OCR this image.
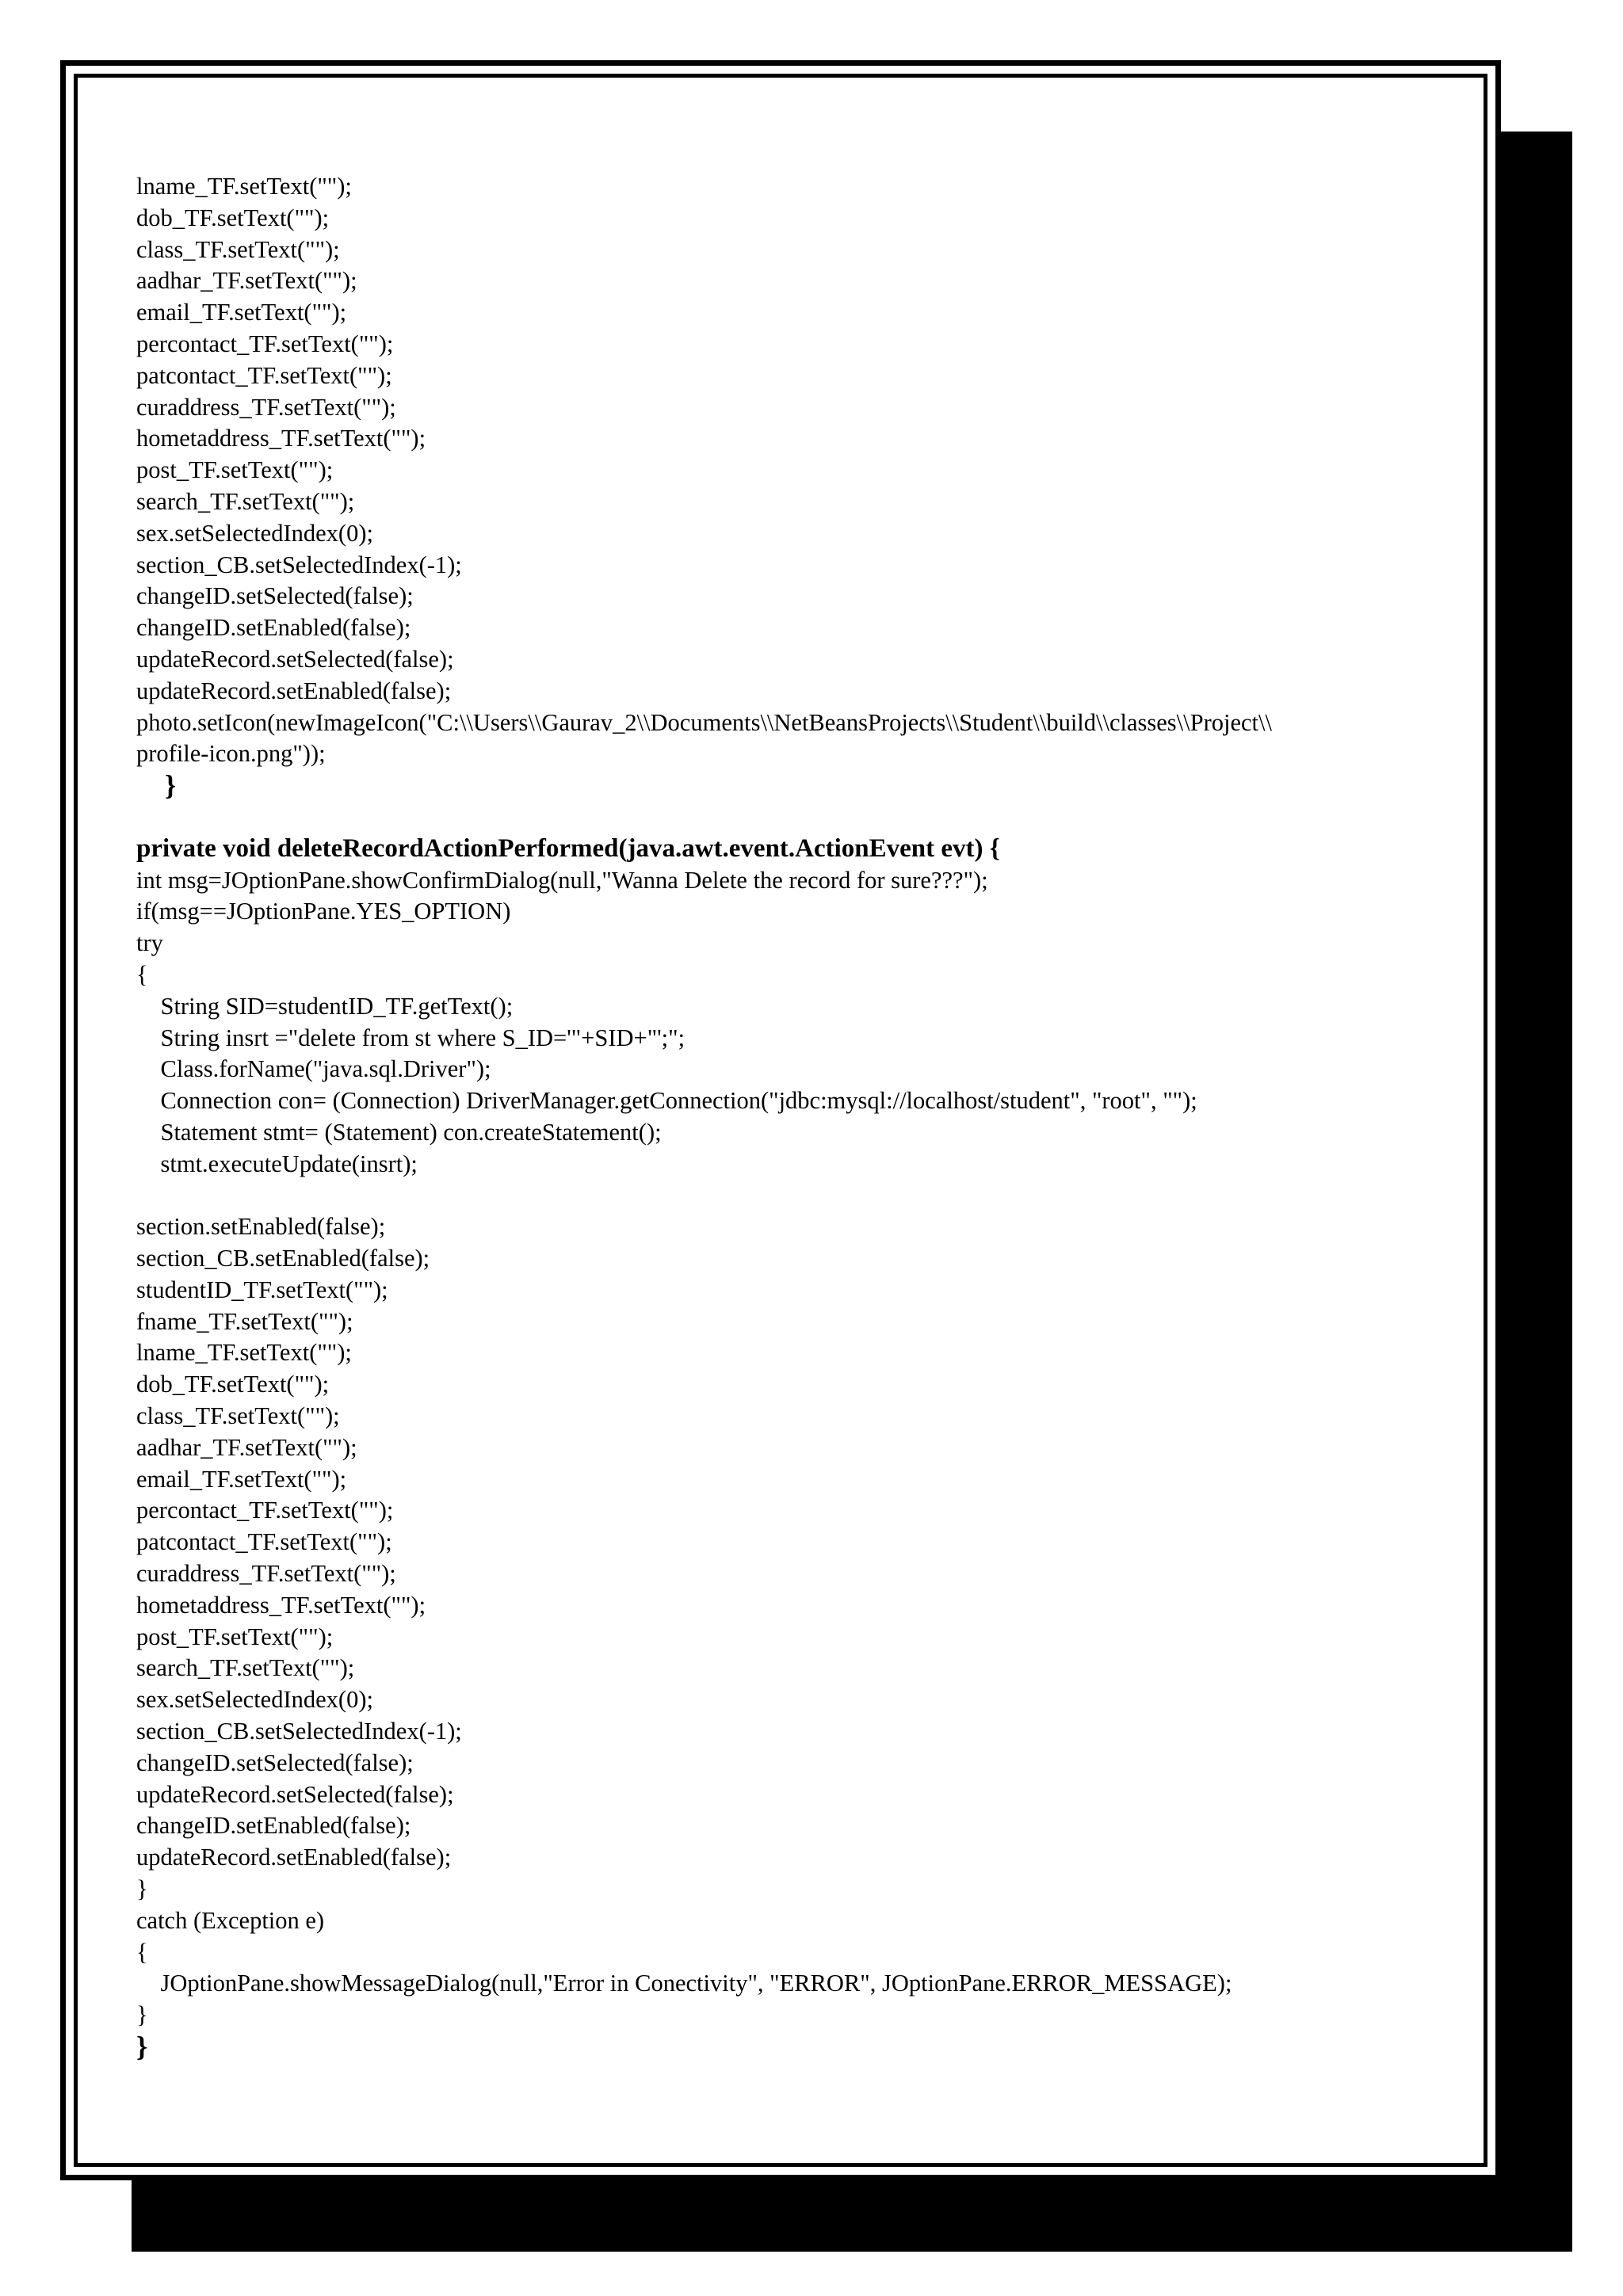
lname_TF.setText("");
dob_TF.setText("");
class_TF.setText("");
aadhar_TF.setText("");
email_TF.setText("");
percontact_TF.setText("");
patcontact_TF.setText("");
curaddress_TF.setText("");
hometaddress_TF.setText("");
post_TF.setText("");
search_TF.setText("");
sex.setSelectedIndex(0);
section_CB.setSelectedIndex(-1);
changeID.setSelected(false);
changeID.setEnabled(false);
updateRecord.setSelected(false);
updateRecord.setEnabled(false);
photo.setIcon(newImageIcon("C:\\Users\\Gaurav_2\\Documents\\NetBeansProjects\\Student\\build\\classes\\Project\\
profile-icon.png"));
}
private void deleteRecordActionPerformed(java.awt.event.ActionEvent evt) {
int msg=JOptionPane.showConfirmDialog(null,"Wanna Delete the record for sure???");
if(msg==JOptionPane.YES_OPTION)
try
{
String SID=studentID_TF.getText();
String insrt ="delete from st where S_ID='"+SID+"';";
Class.forName("java.sql.Driver");
Connection con= (Connection) DriverManager.getConnection("jdbc:mysql://localhost/student", "root", "");
Statement stmt= (Statement) con.createStatement();
stmt.executeUpdate(insrt);
section.setEnabled(false);
section_CB.setEnabled(false);
studentID_TF.setText("");
fname_TF.setText("");
lname_TF.setText("");
dob_TF.setText("");
class_TF.setText("");
aadhar_TF.setText("");
email_TF.setText("");
percontact_TF.setText("");
patcontact_TF.setText("");
curaddress_TF.setText("");
hometaddress_TF.setText("");
post_TF.setText("");
search_TF.setText("");
sex.setSelectedIndex(0);
section_CB.setSelectedIndex(-1);
changeID.setSelected(false);
updateRecord.setSelected(false);
changeID.setEnabled(false);
updateRecord.setEnabled(false);
}
catch (Exception e)
{
JOptionPane.showMessageDialog(null,"Error in Conectivity", "ERROR", JOptionPane.ERROR_MESSAGE);
}
}
